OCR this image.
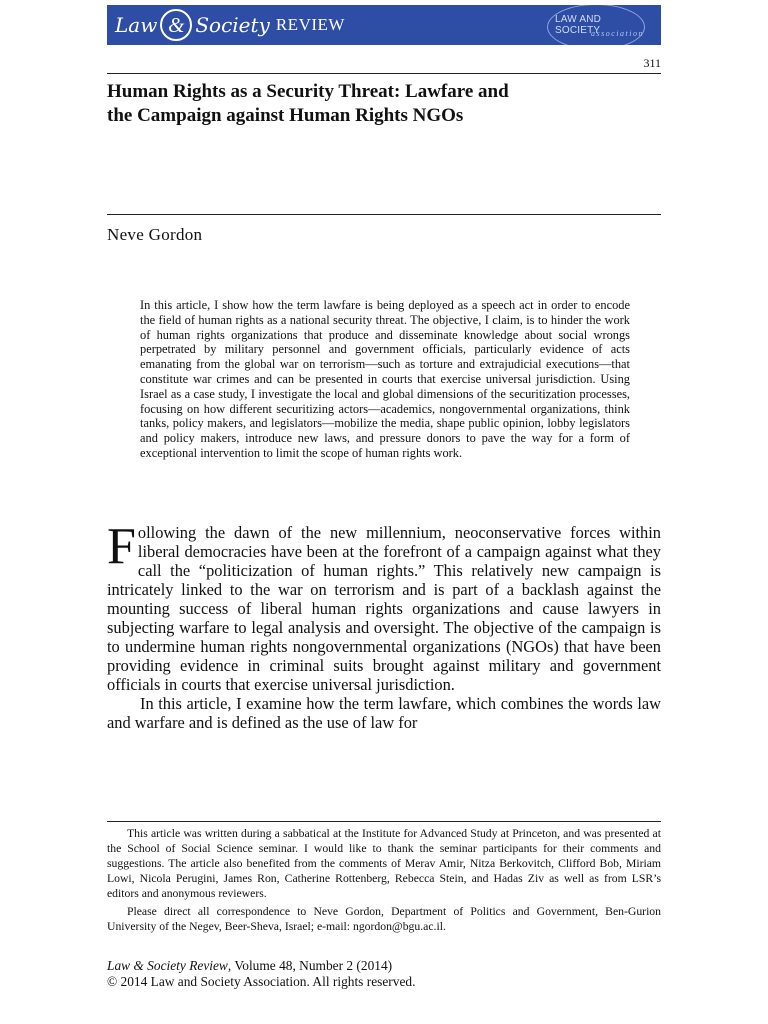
Law & Society REVIEW	LAW AND SOCIETY
association
311
Human Rights as a Security Threat: Lawfare and
the Campaign against Human Rights NGOs
Neve Gordon

In this article, I show how the term lawfare is being deployed as a speech act in order to encode the field of human rights as a national security threat. The objective, I claim, is to hinder the work of human rights organizations that produce and disseminate knowledge about social wrongs perpetrated by military personnel and government officials, particularly evidence of acts emanating from the global war on terrorism—such as torture and extrajudicial executions—that constitute war crimes and can be presented in courts that exercise universal jurisdiction. Using Israel as a case study, I investigate the local and global dimensions of the securitization processes, focusing on how different securitizing actors—academics, nongovernmental organizations, think tanks, policy makers, and legislators—mobilize the media, shape public opinion, lobby legislators and policy makers, introduce new laws, and pressure donors to pave the way for a form of exceptional intervention to limit the scope of human rights work.

Following the dawn of the new millennium, neoconservative forces within liberal democracies have been at the forefront of a campaign against what they call the “politicization of human rights.” This relatively new campaign is intricately linked to the war on terrorism and is part of a backlash against the mounting success of liberal human rights organizations and cause lawyers in subjecting warfare to legal analysis and oversight. The objective of the campaign is to undermine human rights nongovernmental organizations (NGOs) that have been providing evidence in criminal suits brought against military and government officials in courts that exercise universal jurisdiction.

In this article, I examine how the term lawfare, which combines the words law and warfare and is defined as the use of law for

This article was written during a sabbatical at the Institute for Advanced Study at Princeton, and was presented at the School of Social Science seminar. I would like to thank the seminar participants for their comments and suggestions. The article also benefited from the comments of Merav Amir, Nitza Berkovitch, Clifford Bob, Miriam Lowi, Nicola Perugini, James Ron, Catherine Rottenberg, Rebecca Stein, and Hadas Ziv as well as from LSR’s editors and anonymous reviewers.

Please direct all correspondence to Neve Gordon, Department of Politics and Government, Ben-Gurion University of the Negev, Beer-Sheva, Israel; e-mail: ngordon@bgu.ac.il.

Law & Society Review, Volume 48, Number 2 (2014)
© 2014 Law and Society Association. All rights reserved.
